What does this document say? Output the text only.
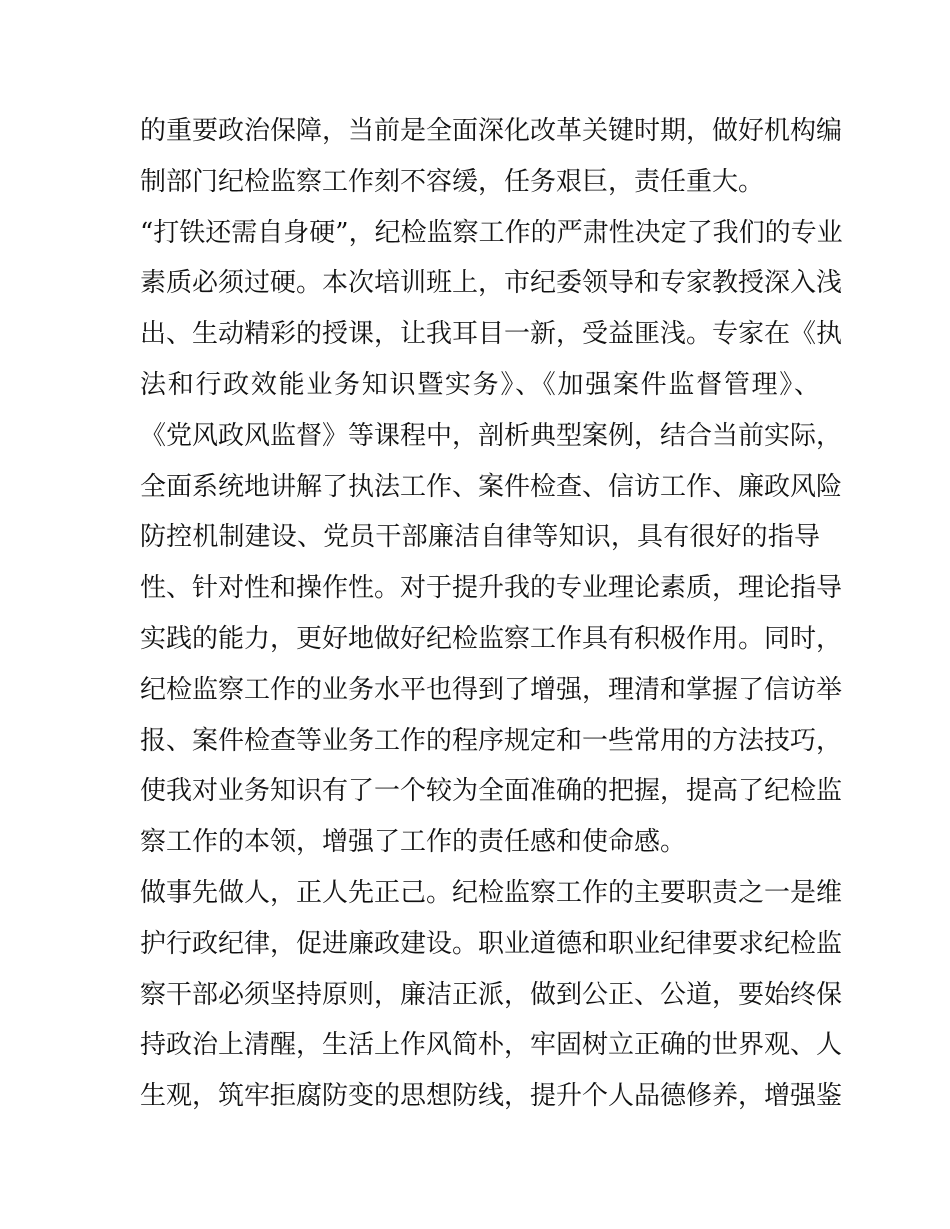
的重要政治保障，当前是全面深化改革关键时期，做好机构编
制部门纪检监察工作刻不容缓，任务艰巨，责任重大。
“打铁还需自身硬”，纪检监察工作的严肃性决定了我们的专业
素质必须过硬。本次培训班上，市纪委领导和专家教授深入浅
出、生动精彩的授课，让我耳目一新，受益匪浅。专家在《执
法和行政效能业务知识暨实务》、《加强案件监督管理》、
《党风政风监督》等课程中，剖析典型案例，结合当前实际，
全面系统地讲解了执法工作、案件检查、信访工作、廉政风险
防控机制建设、党员干部廉洁自律等知识，具有很好的指导
性、针对性和操作性。对于提升我的专业理论素质，理论指导
实践的能力，更好地做好纪检监察工作具有积极作用。同时，
纪检监察工作的业务水平也得到了增强，理清和掌握了信访举
报、案件检查等业务工作的程序规定和一些常用的方法技巧，
使我对业务知识有了一个较为全面准确的把握，提高了纪检监
察工作的本领，增强了工作的责任感和使命感。
做事先做人，正人先正己。纪检监察工作的主要职责之一是维
护行政纪律，促进廉政建设。职业道德和职业纪律要求纪检监
察干部必须坚持原则，廉洁正派，做到公正、公道，要始终保
持政治上清醒，生活上作风简朴，牢固树立正确的世界观、人
生观，筑牢拒腐防变的思想防线，提升个人品德修养，增强鉴
